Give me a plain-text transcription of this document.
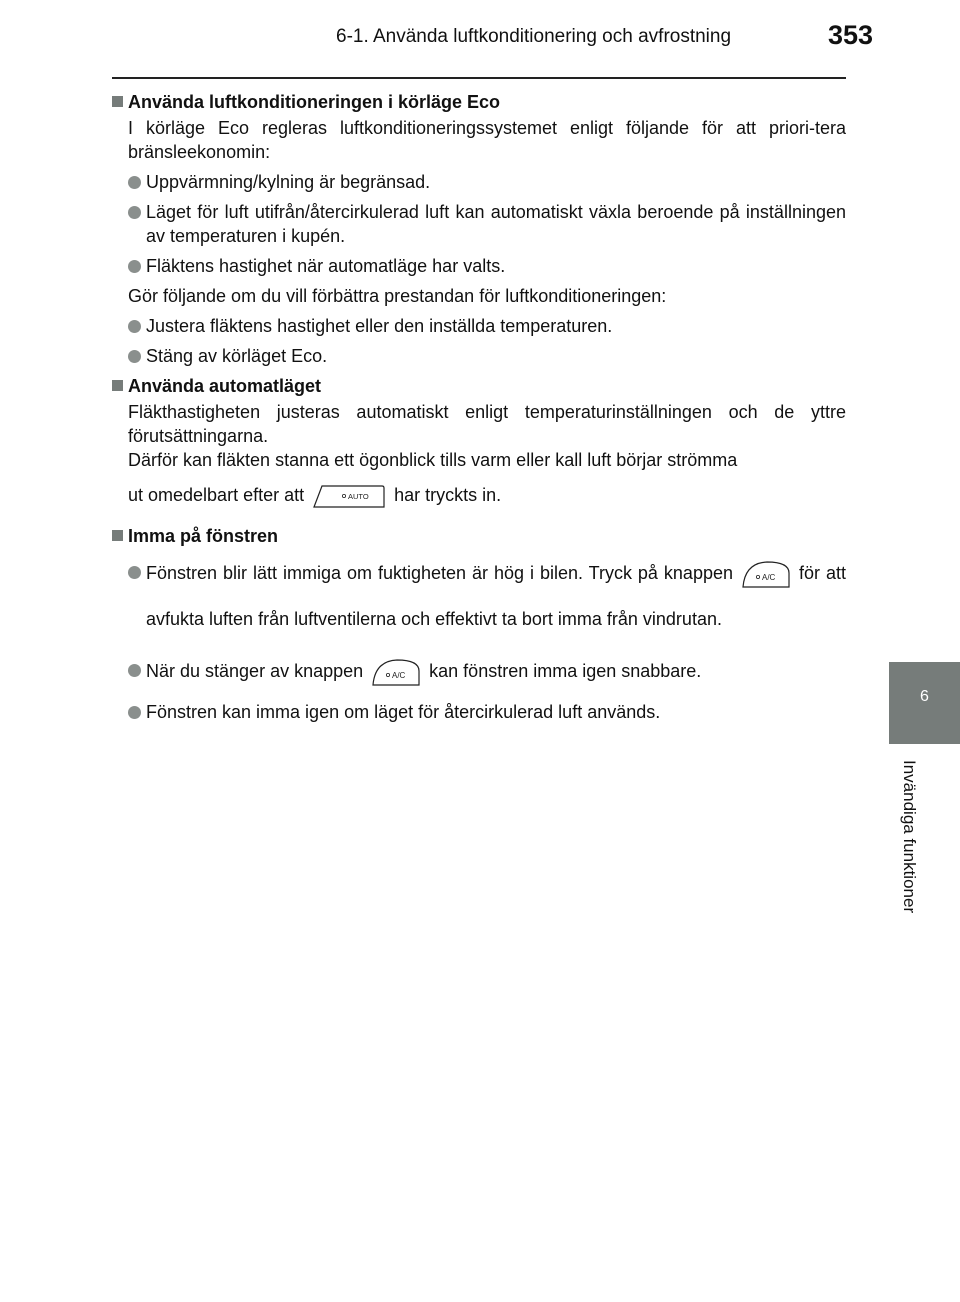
6-1. Använda luftkonditionering och avfrostning	353
6
Invändiga funktioner
Använda luftkonditioneringen i körläge Eco
I körläge Eco regleras luftkonditioneringssystemet enligt följande för att priori-tera bränsleekonomin:
Uppvärmning/kylning är begränsad.
Läget för luft utifrån/återcirkulerad luft kan automatiskt växla beroende på inställningen av temperaturen i kupén.
Fläktens hastighet när automatläge har valts.
Gör följande om du vill förbättra prestandan för luftkonditioneringen:
Justera fläktens hastighet eller den inställda temperaturen.
Stäng av körläget Eco.
Använda automatläget
Fläkthastigheten justeras automatiskt enligt temperaturinställningen och de yttre förutsättningarna.
Därför kan fläkten stanna ett ögonblick tills varm eller kall luft börjar strömma
ut omedelbart efter att	AUTO har tryckts in.
Imma på fönstren
Fönstren blir lätt immiga om fuktigheten är hög i bilen. Tryck på knappen	A/C för att avfukta luften från luftventilerna och effektivt ta bort imma från vindrutan.
När du stänger av knappen	A/C kan fönstren imma igen snabbare.
Fönstren kan imma igen om läget för återcirkulerad luft används.
